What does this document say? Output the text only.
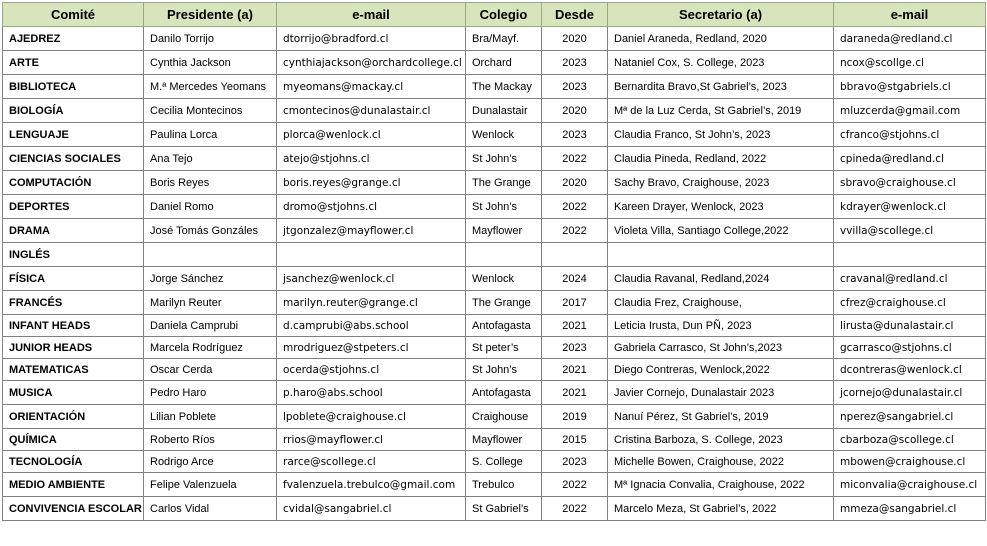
Comité	Presidente (a)	e-mail	Colegio	Desde	Secretario (a)	e-mail
AJEDREZ	Danilo Torrijo	dtorrijo@bradford.cl	Bra/Mayf.	2020	Daniel Araneda, Redland, 2020	daraneda@redland.cl
ARTE	Cynthia Jackson	cynthiajackson@orchardcollege.cl	Orchard	2023	Nataniel Cox, S. College, 2023	ncox@scollge.cl
BIBLIOTECA	M.ª Mercedes Yeomans	myeomans@mackay.cl	The Mackay	2023	Bernardita Bravo,St Gabriel’s, 2023	bbravo@stgabriels.cl
BIOLOGÍA	Cecilia Montecinos	cmontecinos@dunalastair.cl	Dunalastair	2020	Mª de la Luz Cerda, St Gabriel’s, 2019	mluzcerda@gmail.com
LENGUAJE	Paulina Lorca	plorca@wenlock.cl	Wenlock	2023	Claudia Franco, St John’s, 2023	cfranco@stjohns.cl
CIENCIAS SOCIALES	Ana Tejo	atejo@stjohns.cl	St John’s	2022	Claudia Pineda, Redland, 2022	cpineda@redland.cl
COMPUTACIÓN	Boris Reyes	boris.reyes@grange.cl	The Grange	2020	Sachy Bravo, Craighouse, 2023	sbravo@craighouse.cl
DEPORTES	Daniel Romo	dromo@stjohns.cl	St John’s	2022	Kareen Drayer, Wenlock, 2023	kdrayer@wenlock.cl
DRAMA	José Tomás Gonzáles	jtgonzalez@mayflower.cl	Mayflower	2022	Violeta Villa, Santiago College,2022	vvilla@scollege.cl
INGLÉS						
FÍSICA	Jorge Sánchez	jsanchez@wenlock.cl	Wenlock	2024	Claudia Ravanal, Redland,2024	cravanal@redland.cl
FRANCÉS	Marilyn Reuter	marilyn.reuter@grange.cl	The Grange	2017	Claudia Frez, Craighouse,	cfrez@craighouse.cl
INFANT HEADS	Daniela Camprubi	d.camprubi@abs.school	Antofagasta	2021	Leticia Irusta, Dun PÑ, 2023	lirusta@dunalastair.cl
JUNIOR HEADS	Marcela Rodríguez	mrodriguez@stpeters.cl	St peter’s	2023	Gabriela Carrasco, St John’s,2023	gcarrasco@stjohns.cl
MATEMATICAS	Oscar Cerda	ocerda@stjohns.cl	St John’s	2021	Diego Contreras, Wenlock,2022	dcontreras@wenlock.cl
MUSICA	Pedro Haro	p.haro@abs.school	Antofagasta	2021	Javier Cornejo, Dunalastair 2023	jcornejo@dunalastair.cl
ORIENTACIÓN	Lilian Poblete	lpoblete@craighouse.cl	Craighouse	2019	Nanuí Pérez, St Gabriel’s, 2019	nperez@sangabriel.cl
QUÍMICA	Roberto Ríos	rrios@mayflower.cl	Mayflower	2015	Cristina Barboza, S. College, 2023	cbarboza@scollege.cl
TECNOLOGÍA	Rodrigo Arce	rarce@scollege.cl	S. College	2023	Michelle Bowen, Craighouse, 2022	mbowen@craighouse.cl
MEDIO AMBIENTE	Felipe Valenzuela	fvalenzuela.trebulco@gmail.com	Trebulco	2022	Mª Ignacia Convalia, Craighouse, 2022	miconvalia@craighouse.cl
CONVIVENCIA ESCOLAR	Carlos Vidal	cvidal@sangabriel.cl	St Gabriel’s	2022	Marcelo Meza, St Gabriel’s, 2022	mmeza@sangabriel.cl
